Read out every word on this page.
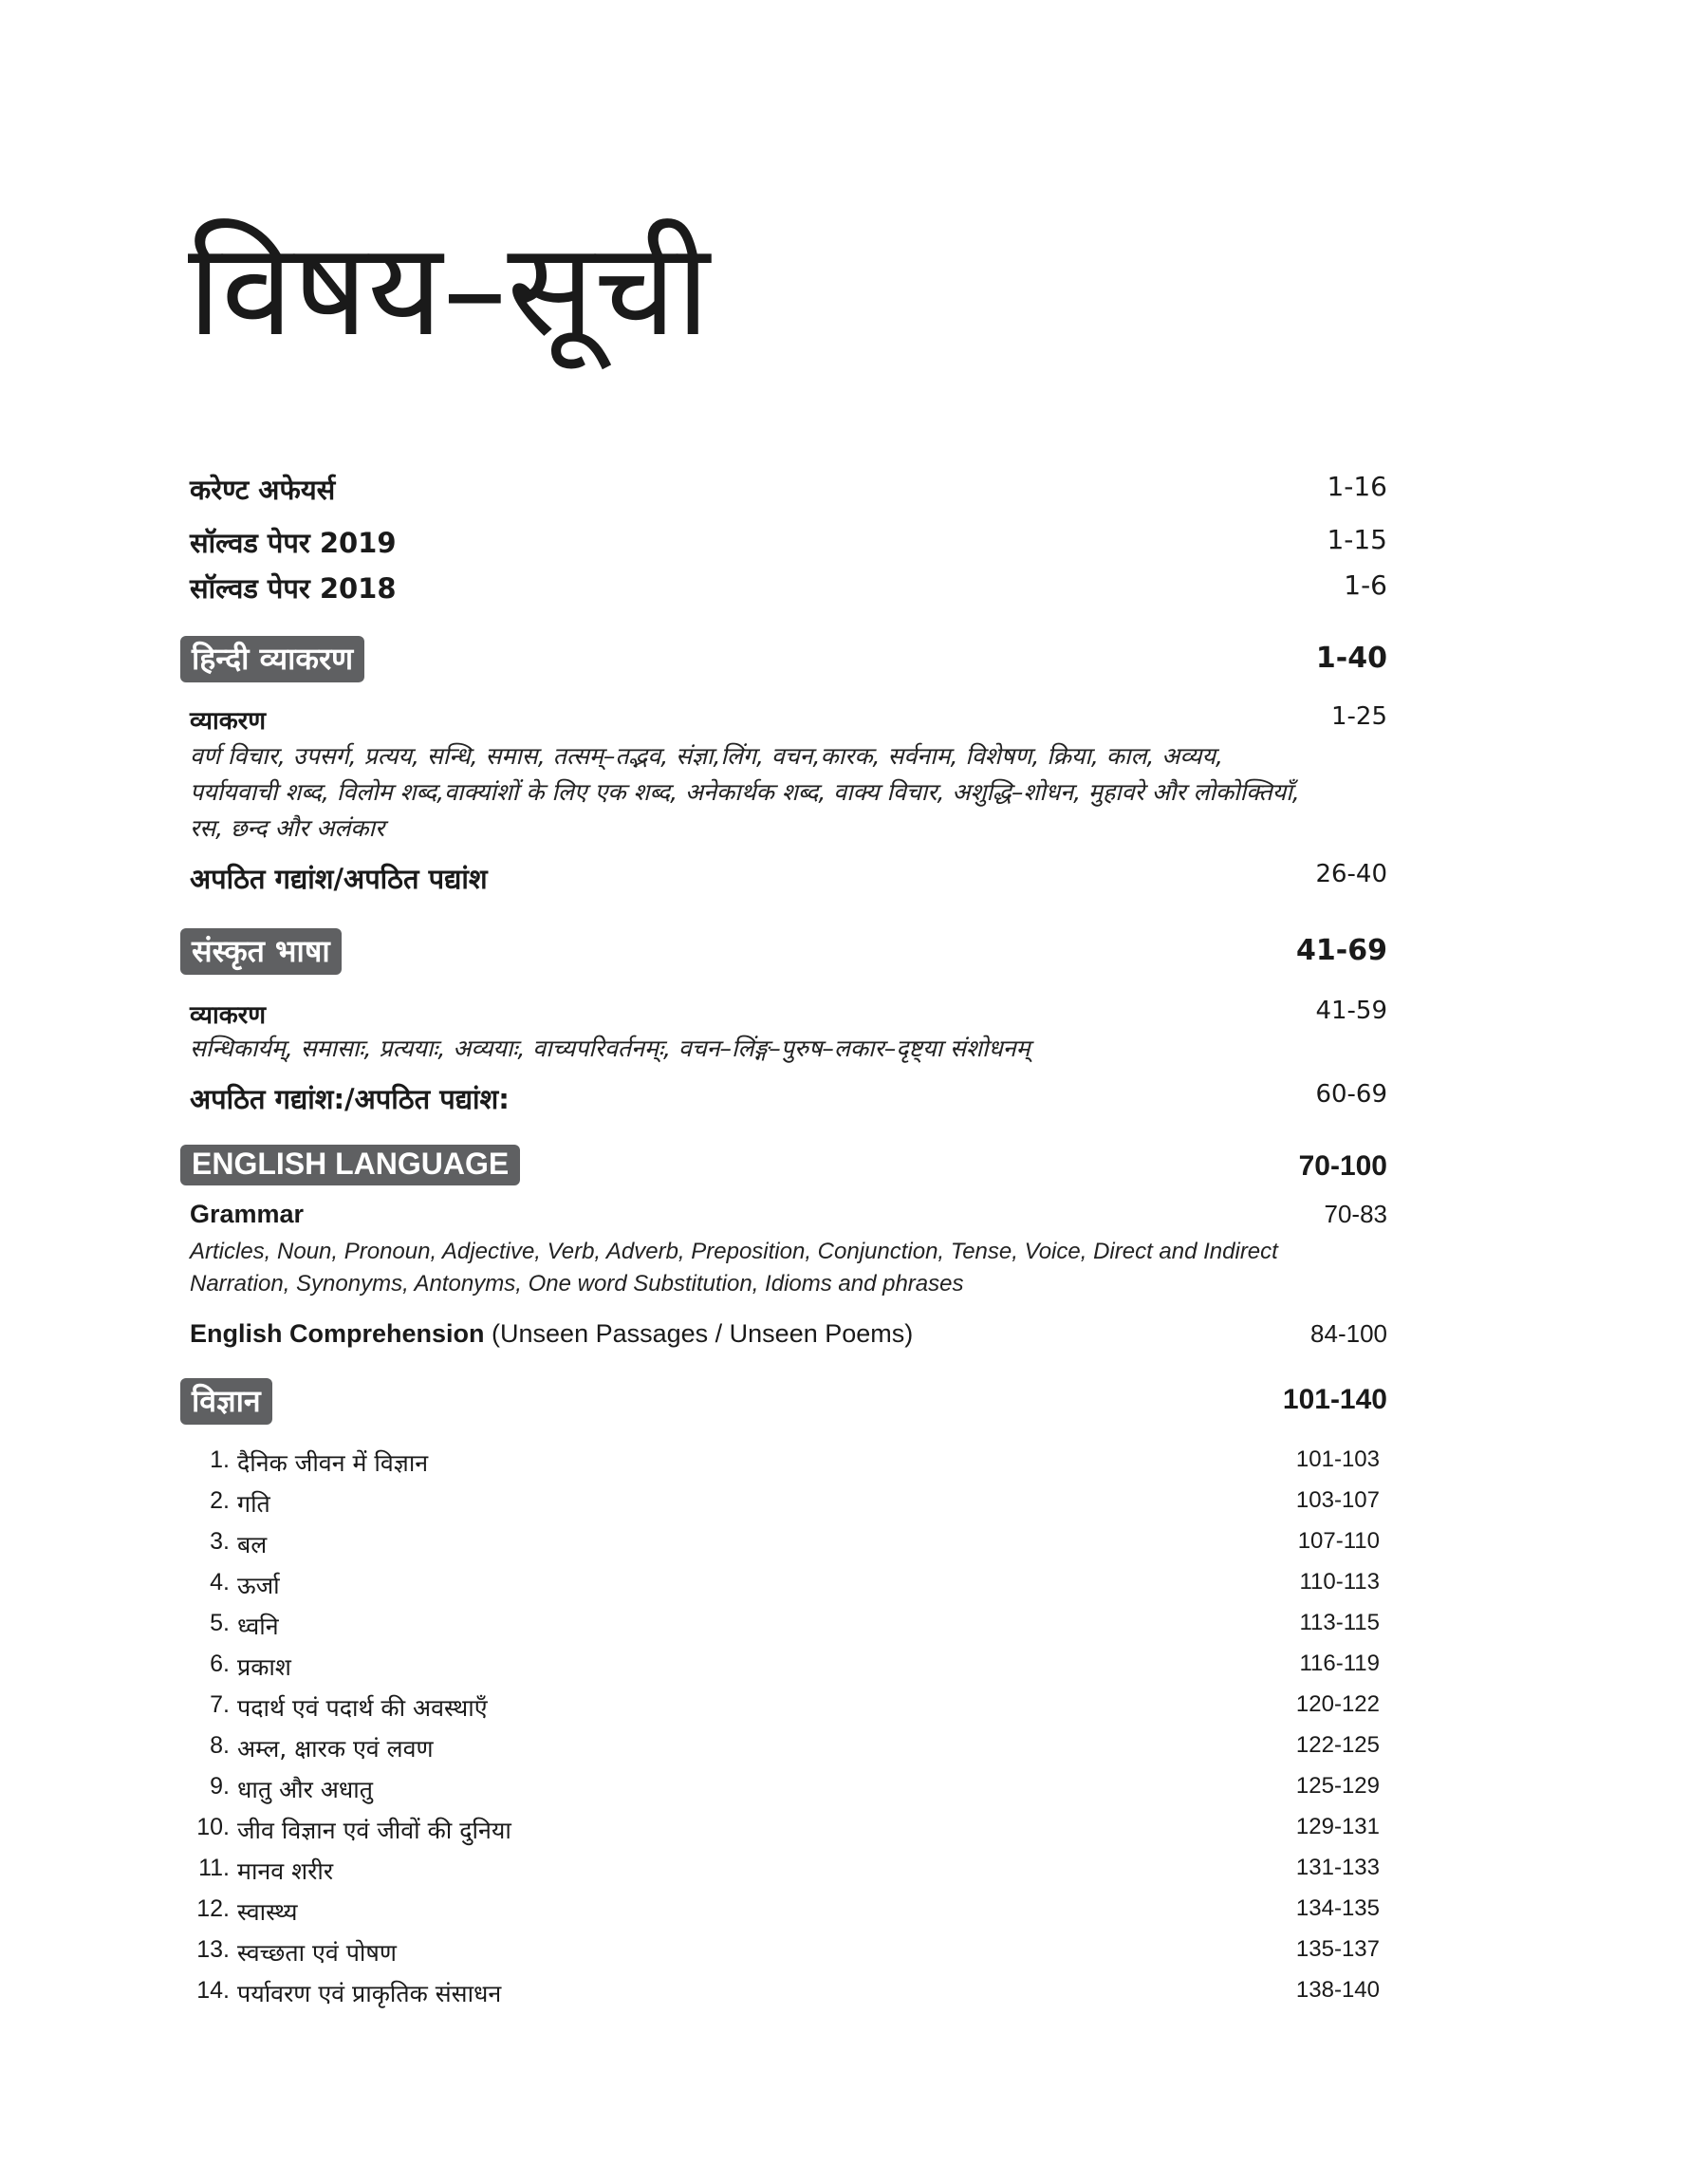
विषय–सूची
करेण्ट अफेयर्स	1-16
सॉल्वड पेपर 2019	1-15
सॉल्वड पेपर 2018	1-6
हिन्दी व्याकरण	1-40
व्याकरण	1-25
वर्ण विचार, उपसर्ग, प्रत्यय, सन्धि, समास, तत्सम्–तद्भव, संज्ञा,लिंग, वचन,कारक, सर्वनाम, विशेषण, क्रिया, काल, अव्यय, पर्यायवाची शब्द, विलोम शब्द,वाक्यांशों के लिए एक शब्द, अनेकार्थक शब्द, वाक्य विचार, अशुद्धि–शोधन, मुहावरे और लोकोक्तियाँ, रस, छन्द और अलंकार
अपठित गद्यांश/अपठित पद्यांश	26-40
संस्कृत भाषा	41-69
व्याकरण	41-59
सन्धिकार्यम्, समासाः, प्रत्ययाः, अव्ययाः, वाच्यपरिवर्तनम्ः, वचन–लिंङ्ग–पुरुष–लकार–दृष्ट्या संशोधनम्
अपठित गद्यांश:/अपठित पद्यांश:	60-69
ENGLISH LANGUAGE	70-100
Grammar	70-83
Articles, Noun, Pronoun, Adjective, Verb, Adverb, Preposition, Conjunction, Tense, Voice, Direct and Indirect Narration, Synonyms, Antonyms, One word Substitution, Idioms and phrases
English Comprehension (Unseen Passages / Unseen Poems)	84-100
विज्ञान	101-140
1. दैनिक जीवन में विज्ञान	101-103
2. गति	103-107
3. बल	107-110
4. ऊर्जा	110-113
5. ध्वनि	113-115
6. प्रकाश	116-119
7. पदार्थ एवं पदार्थ की अवस्थाएँ	120-122
8. अम्ल, क्षारक एवं लवण	122-125
9. धातु और अधातु	125-129
10. जीव विज्ञान एवं जीवों की दुनिया	129-131
11. मानव शरीर	131-133
12. स्वास्थ्य	134-135
13. स्वच्छता एवं पोषण	135-137
14. पर्यावरण एवं प्राकृतिक संसाधन	138-140
